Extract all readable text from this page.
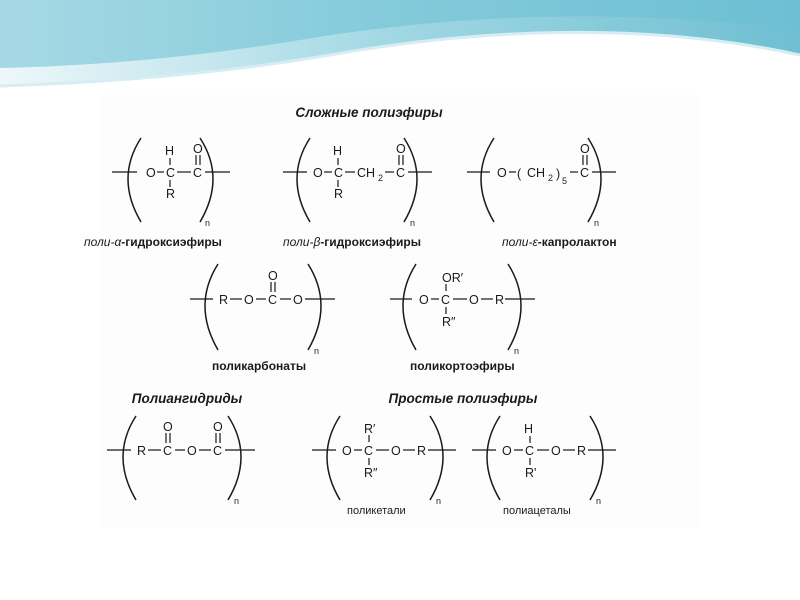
Сложные полиэфиры
Полиангидриды	Простые полиэфиры
O C
H
R
C
O
n
поли-α-гидроксиэфиры
O C
H
R
CH 2 C
O
n
поли-β-гидроксиэфиры
O ( CH 2 ) 5
C
O
n
поли-ε-капролактон
R O C
O
O
n
поликарбонаты
O C
OR′
R″
O R
n
поликортоэфиры
R C
O
O C
O
n
O C
R′
R″
O R
n
поликетали
O C
H
R'
O R
n
полиацеталы
